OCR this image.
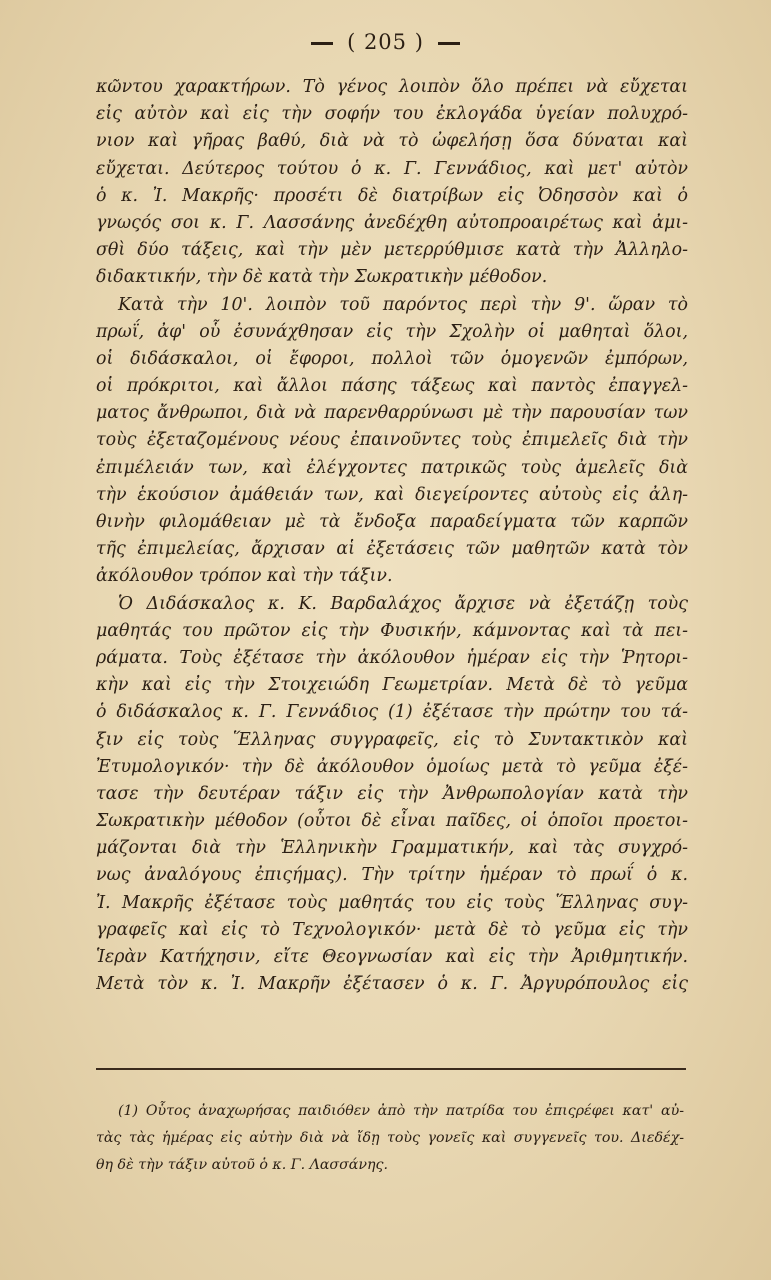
( 205 )
κῶντου χαρακτήρων. Τὸ γένος λοιπὸν ὅλο πρέπει νὰ εὔχεται
εἰς αὐτὸν καὶ εἰς τὴν σοφήν του ἐκλογάδα ὑγείαν πολυχρό-
νιον καὶ γῆρας βαθύ, διὰ νὰ τὸ ὠφελήσῃ ὅσα δύναται καὶ
εὔχεται. Δεύτερος τούτου ὁ κ. Γ. Γεννάδιος, καὶ μετ' αὐτὸν
ὁ κ. Ἰ. Μακρῆς· προσέτι δὲ διατρίβων εἰς Ὀδησσὸν καὶ ὁ
γνωςός σοι κ. Γ. Λασσάνης ἀνεδέχθη αὐτοπροαιρέτως καὶ ἀμι-
σθὶ δύο τάξεις, καὶ τὴν μὲν μετερρύθμισε κατὰ τὴν Ἀλληλο-
διδακτικήν, τὴν δὲ κατὰ τὴν Σωκρατικὴν μέθοδον.
Κατὰ τὴν 10'. λοιπὸν τοῦ παρόντος περὶ τὴν 9'. ὥραν τὸ
πρωΐ, ἀφ' οὗ ἐσυνάχθησαν εἰς τὴν Σχολὴν οἱ μαθηταὶ ὅλοι,
οἱ διδάσκαλοι, οἱ ἔφοροι, πολλοὶ τῶν ὁμογενῶν ἐμπόρων,
οἱ πρόκριτοι, καὶ ἄλλοι πάσης τάξεως καὶ παντὸς ἐπαγγελ-
ματος ἄνθρωποι, διὰ νὰ παρενθαρρύνωσι μὲ τὴν παρουσίαν των
τοὺς ἐξεταζομένους νέους ἐπαινοῦντες τοὺς ἐπιμελεῖς διὰ τὴν
ἐπιμέλειάν των, καὶ ἐλέγχοντες πατρικῶς τοὺς ἀμελεῖς διὰ
τὴν ἑκούσιον ἀμάθειάν των, καὶ διεγείροντες αὐτοὺς εἰς ἀλη-
θινὴν φιλομάθειαν μὲ τὰ ἔνδοξα παραδείγματα τῶν καρπῶν
τῆς ἐπιμελείας, ἄρχισαν αἱ ἐξετάσεις τῶν μαθητῶν κατὰ τὸν
ἀκόλουθον τρόπον καὶ τὴν τάξιν.
Ὁ Διδάσκαλος κ. Κ. Βαρδαλάχος ἄρχισε νὰ ἐξετάζῃ τοὺς
μαθητάς του πρῶτον εἰς τὴν Φυσικήν, κάμνοντας καὶ τὰ πει-
ράματα. Τοὺς ἐξέτασε τὴν ἀκόλουθον ἡμέραν εἰς τὴν Ῥητορι-
κὴν καὶ εἰς τὴν Στοιχειώδη Γεωμετρίαν. Μετὰ δὲ τὸ γεῦμα
ὁ διδάσκαλος κ. Γ. Γεννάδιος (1) ἐξέτασε τὴν πρώτην του τά-
ξιν εἰς τοὺς Ἕλληνας συγγραφεῖς, εἰς τὸ Συντακτικὸν καὶ
Ἐτυμολογικόν· τὴν δὲ ἀκόλουθον ὁμοίως μετὰ τὸ γεῦμα ἐξέ-
τασε τὴν δευτέραν τάξιν εἰς τὴν Ἀνθρωπολογίαν κατὰ τὴν
Σωκρατικὴν μέθοδον (οὗτοι δὲ εἶναι παῖδες, οἱ ὁποῖοι προετοι-
μάζονται διὰ τὴν Ἑλληνικὴν Γραμματικήν, καὶ τὰς συγχρό-
νως ἀναλόγους ἐπιςήμας). Τὴν τρίτην ἡμέραν τὸ πρωΐ ὁ κ.
Ἰ. Μακρῆς ἐξέτασε τοὺς μαθητάς του εἰς τοὺς Ἕλληνας συγ-
γραφεῖς καὶ εἰς τὸ Τεχνολογικόν· μετὰ δὲ τὸ γεῦμα εἰς τὴν
Ἱερὰν Κατήχησιν, εἴτε Θεογνωσίαν καὶ εἰς τὴν Ἀριθμητικήν.
Μετὰ τὸν κ. Ἰ. Μακρῆν ἐξέτασεν ὁ κ. Γ. Ἀργυρόπουλος εἰς
(1) Οὗτος ἀναχωρήσας παιδιόθεν ἀπὸ τὴν πατρίδα του ἐπιςρέφει κατ' αὐ-
τὰς τὰς ἡμέρας εἰς αὐτὴν διὰ νὰ ἴδῃ τοὺς γονεῖς καὶ συγγενεῖς του. Διεδέχ-
θη δὲ τὴν τάξιν αὐτοῦ ὁ κ. Γ. Λασσάνης.
